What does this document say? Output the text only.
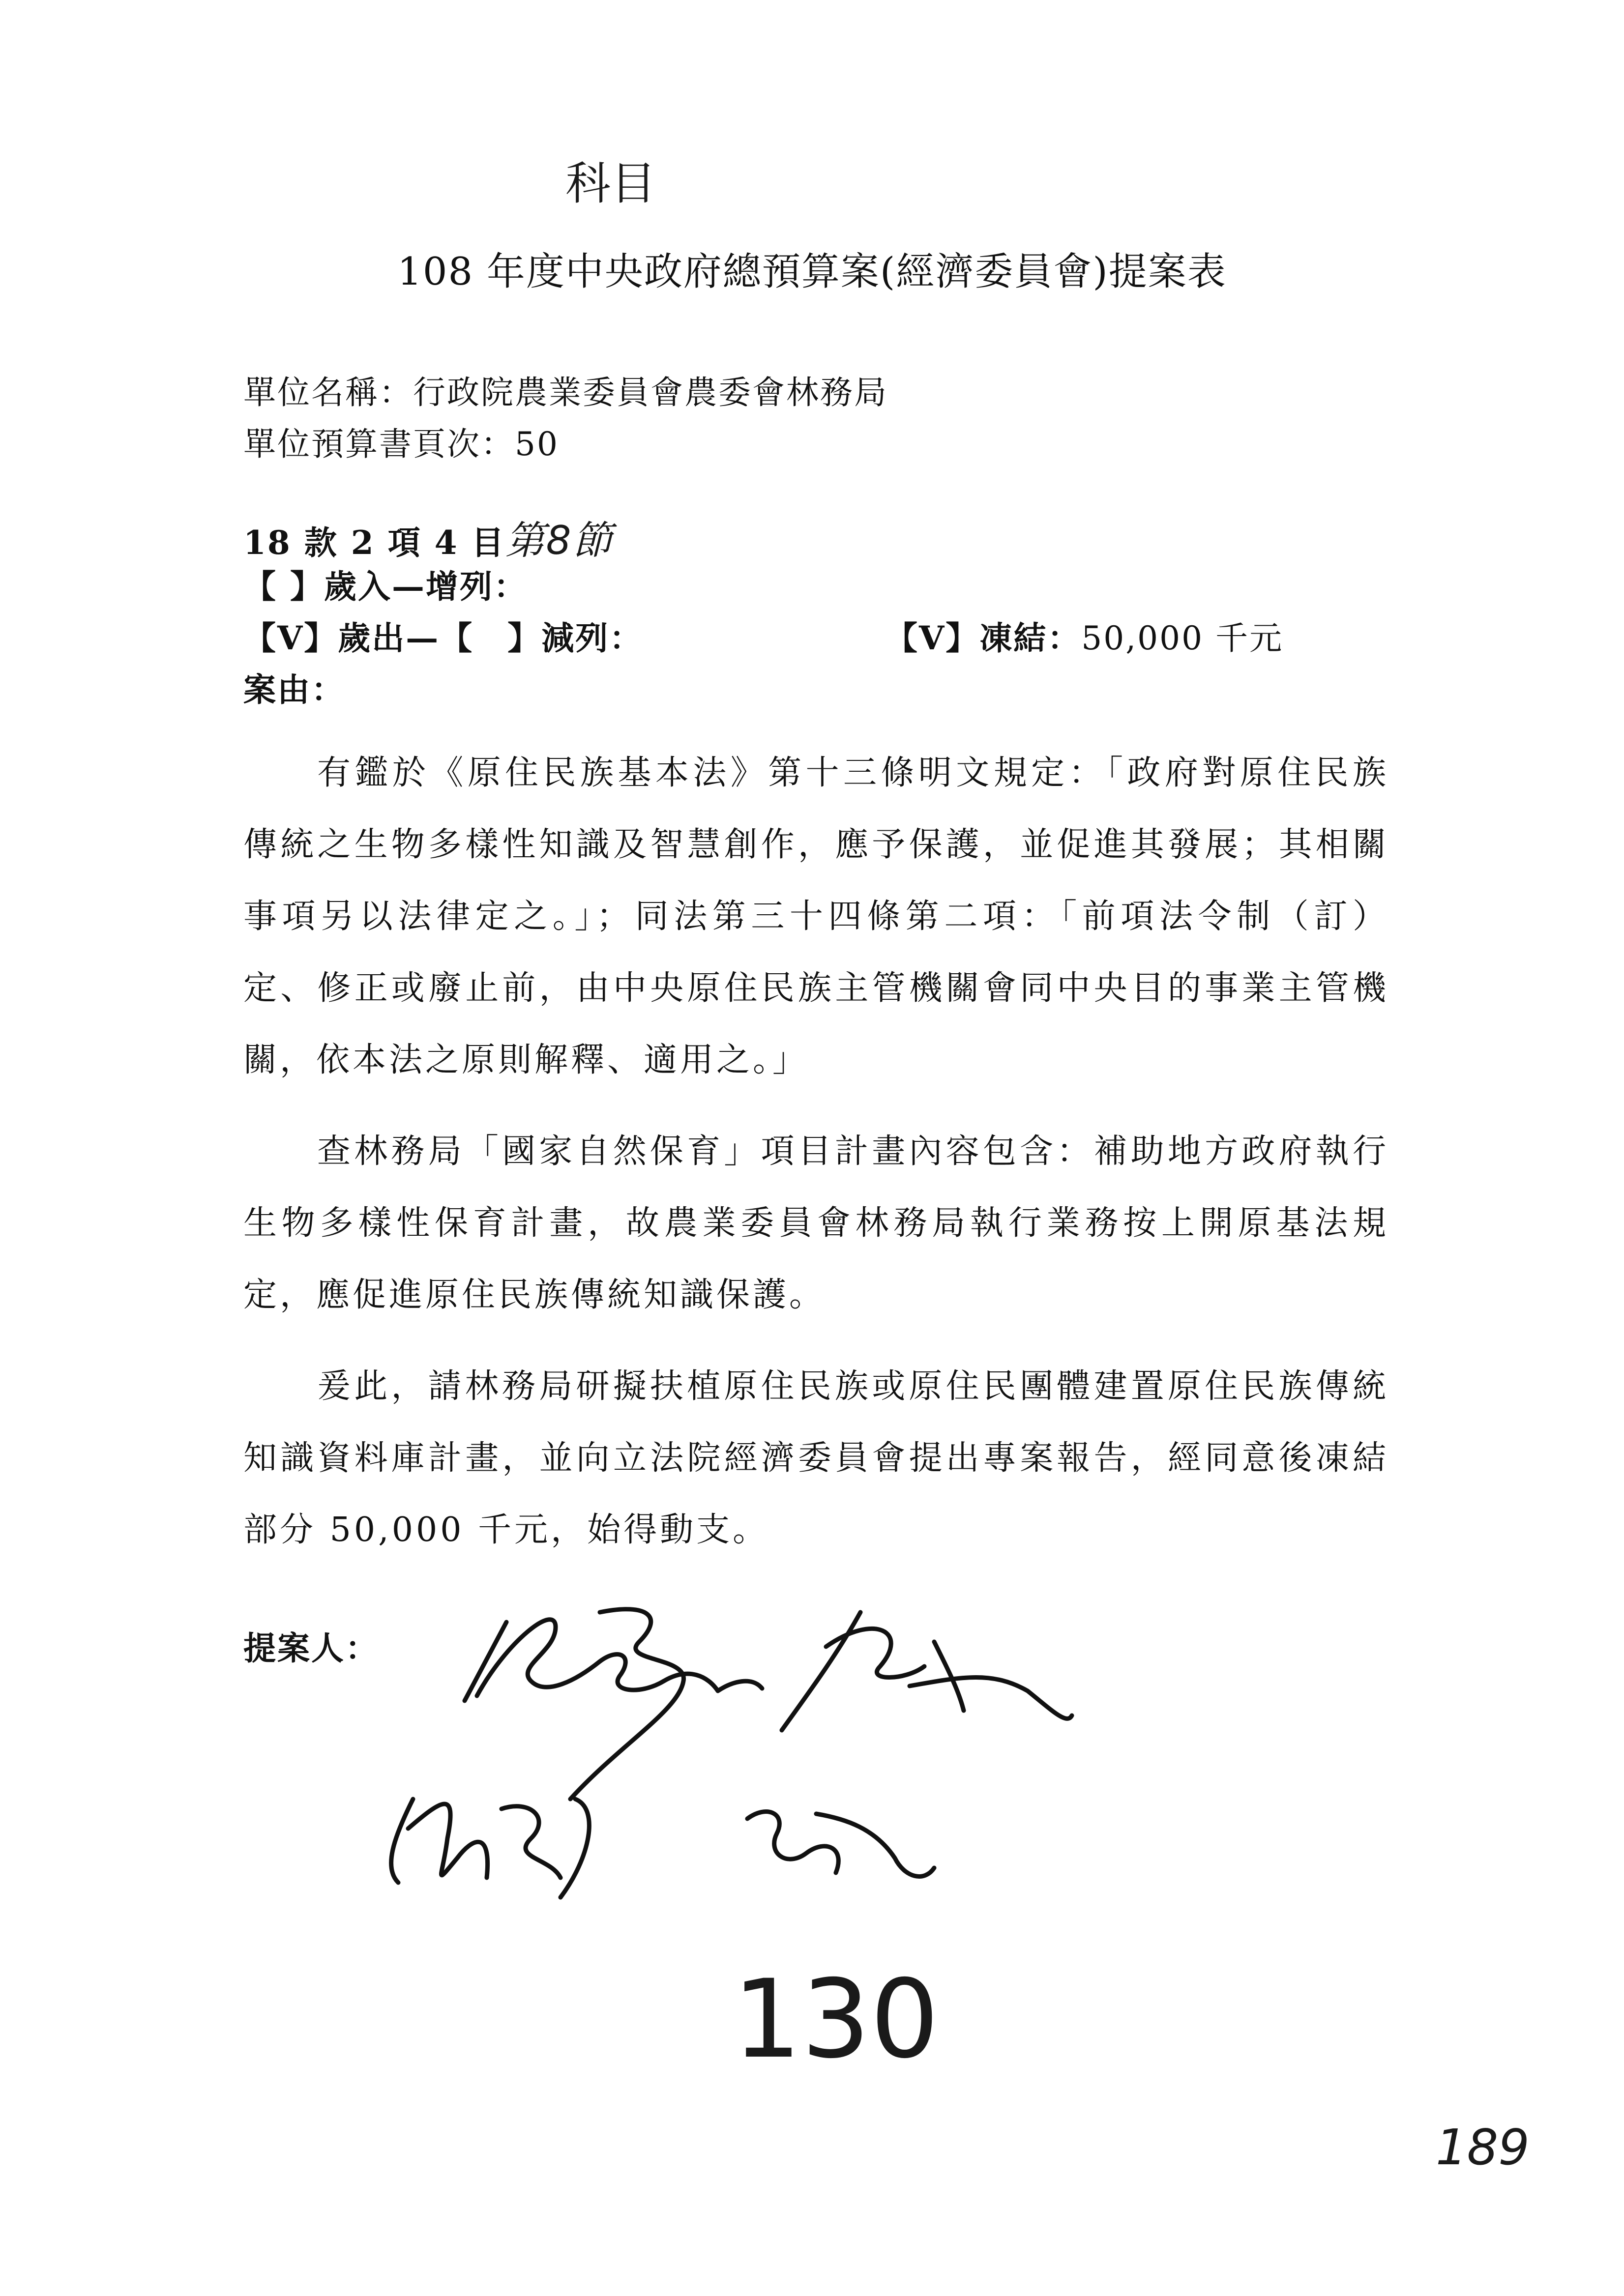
科目
108 年度中央政府總預算案(經濟委員會)提案表
單位名稱：行政院農業委員會農委會林務局
單位預算書頁次：50
18 款 2 項 4 目第8節
【 】歲入—增列：
【V】歲出—【　】減列：	【V】凍結：50,000 千元
案由：

有鑑於《原住民族基本法》第十三條明文規定：「政府對原住民族傳統之生物多樣性知識及智慧創作，應予保護，並促進其發展；其相關事項另以法律定之。」；同法第三十四條第二項：「前項法令制（訂）定、修正或廢止前，由中央原住民族主管機關會同中央目的事業主管機關，依本法之原則解釋、適用之。」

查林務局「國家自然保育」項目計畫內容包含：補助地方政府執行生物多樣性保育計畫，故農業委員會林務局執行業務按上開原基法規定，應促進原住民族傳統知識保護。

爰此，請林務局研擬扶植原住民族或原住民團體建置原住民族傳統知識資料庫計畫，並向立法院經濟委員會提出專案報告，經同意後凍結部分 50,000 千元，始得動支。

提案人：
130
189
